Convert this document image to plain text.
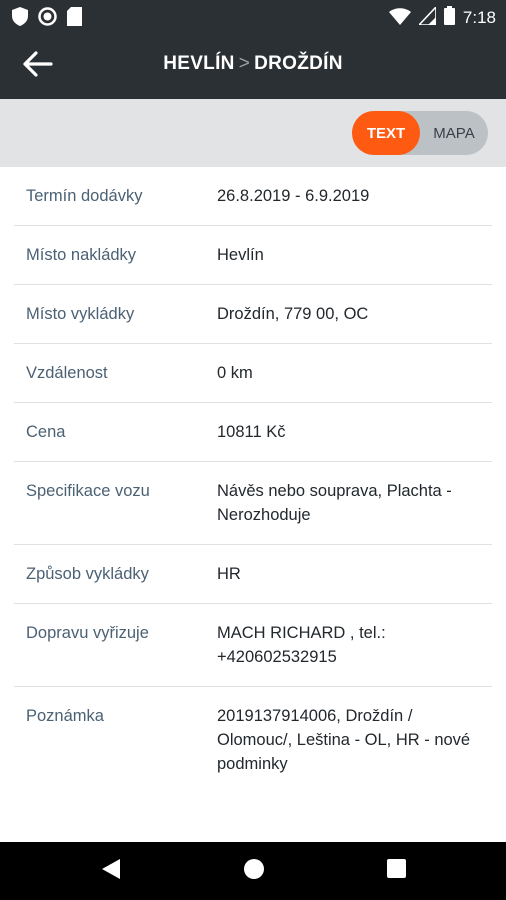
7:18
HEVLÍN > DROŽDÍN
MAPA
TEXT
Termín dodávky	26.8.2019 - 6.9.2019
Místo nakládky	Hevlín
Místo vykládky	Droždín, 779 00, OC
Vzdálenost	0 km
Cena	10811 Kč
Specifikace vozu	Návěs nebo souprava, Plachta - Nerozhoduje
Způsob vykládky	HR
Dopravu vyřizuje	MACH RICHARD , tel.: +420602532915
Poznámka	2019137914006, Droždín / Olomouc/, Leština - OL, HR - nové podminky
